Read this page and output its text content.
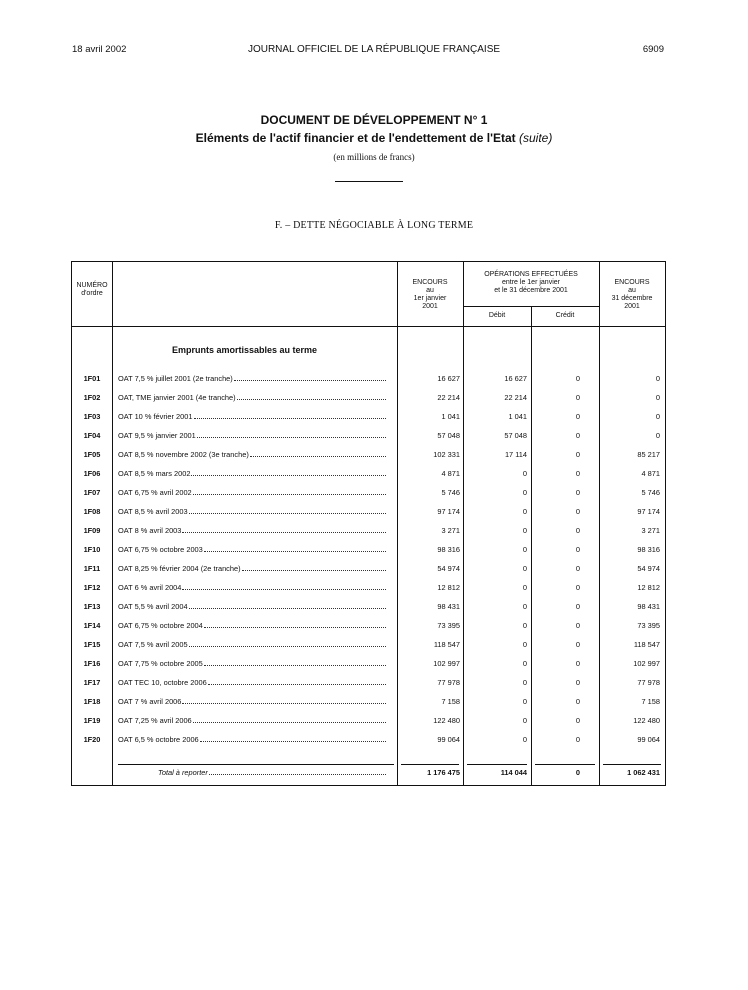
18 avril 2002	JOURNAL OFFICIEL DE LA RÉPUBLIQUE FRANÇAISE	6909
DOCUMENT DE DÉVELOPPEMENT N° 1
Eléments de l'actif financier et de l'endettement de l'Etat (suite)
(en millions de francs)
F. – DETTE NÉGOCIABLE À LONG TERME
NUMÉRO
d'ordre
ENCOURS
au
1er janvier
2001
OPÉRATIONS EFFECTUÉES
entre le 1er janvier
et le 31 décembre 2001
Débit	Crédit
ENCOURS
au
31 décembre
2001
Emprunts amortissables au terme
1F01	OAT 7,5 % juillet 2001 (2e tranche)	16 627	16 627	0	0
1F02	OAT, TME janvier 2001 (4e tranche)	22 214	22 214	0	0
1F03	OAT 10 % février 2001	1 041	1 041	0	0
1F04	OAT 9,5 % janvier 2001	57 048	57 048	0	0
1F05	OAT 8,5 % novembre 2002 (3e tranche)	102 331	17 114	0	85 217
1F06	OAT 8,5 % mars 2002	4 871	0	0	4 871
1F07	OAT 6,75 % avril 2002	5 746	0	0	5 746
1F08	OAT 8,5 % avril 2003	97 174	0	0	97 174
1F09	OAT 8 % avril 2003	3 271	0	0	3 271
1F10	OAT 6,75 % octobre 2003	98 316	0	0	98 316
1F11	OAT 8,25 % février 2004 (2e tranche)	54 974	0	0	54 974
1F12	OAT 6 % avril 2004	12 812	0	0	12 812
1F13	OAT 5,5 % avril 2004	98 431	0	0	98 431
1F14	OAT 6,75 % octobre 2004	73 395	0	0	73 395
1F15	OAT 7,5 % avril 2005	118 547	0	0	118 547
1F16	OAT 7,75 % octobre 2005	102 997	0	0	102 997
1F17	OAT TEC 10, octobre 2006	77 978	0	0	77 978
1F18	OAT 7 % avril 2006	7 158	0	0	7 158
1F19	OAT 7,25 % avril 2006	122 480	0	0	122 480
1F20	OAT 6,5 % octobre 2006	99 064	0	0	99 064
Total à reporter	1 176 475	114 044	0	1 062 431
